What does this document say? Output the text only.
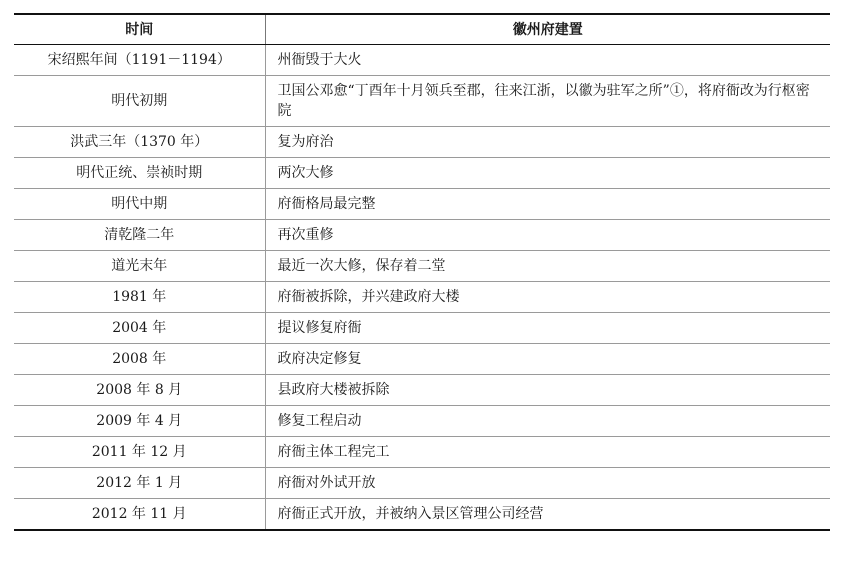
时间	徽州府建置
宋绍熙年间（1191－1194）	州衙毁于大火
明代初期	卫国公邓愈“丁酉年十月领兵至郡，往来江浙，以徽为驻军之所”①，将府衙改为行枢密院
洪武三年（1370 年）	复为府治
明代正统、崇祯时期	两次大修
明代中期	府衙格局最完整
清乾隆二年	再次重修
道光末年	最近一次大修，保存着二堂
1981 年	府衙被拆除，并兴建政府大楼
2004 年	提议修复府衙
2008 年	政府决定修复
2008 年 8 月	县政府大楼被拆除
2009 年 4 月	修复工程启动
2011 年 12 月	府衙主体工程完工
2012 年 1 月	府衙对外试开放
2012 年 11 月	府衙正式开放，并被纳入景区管理公司经营
